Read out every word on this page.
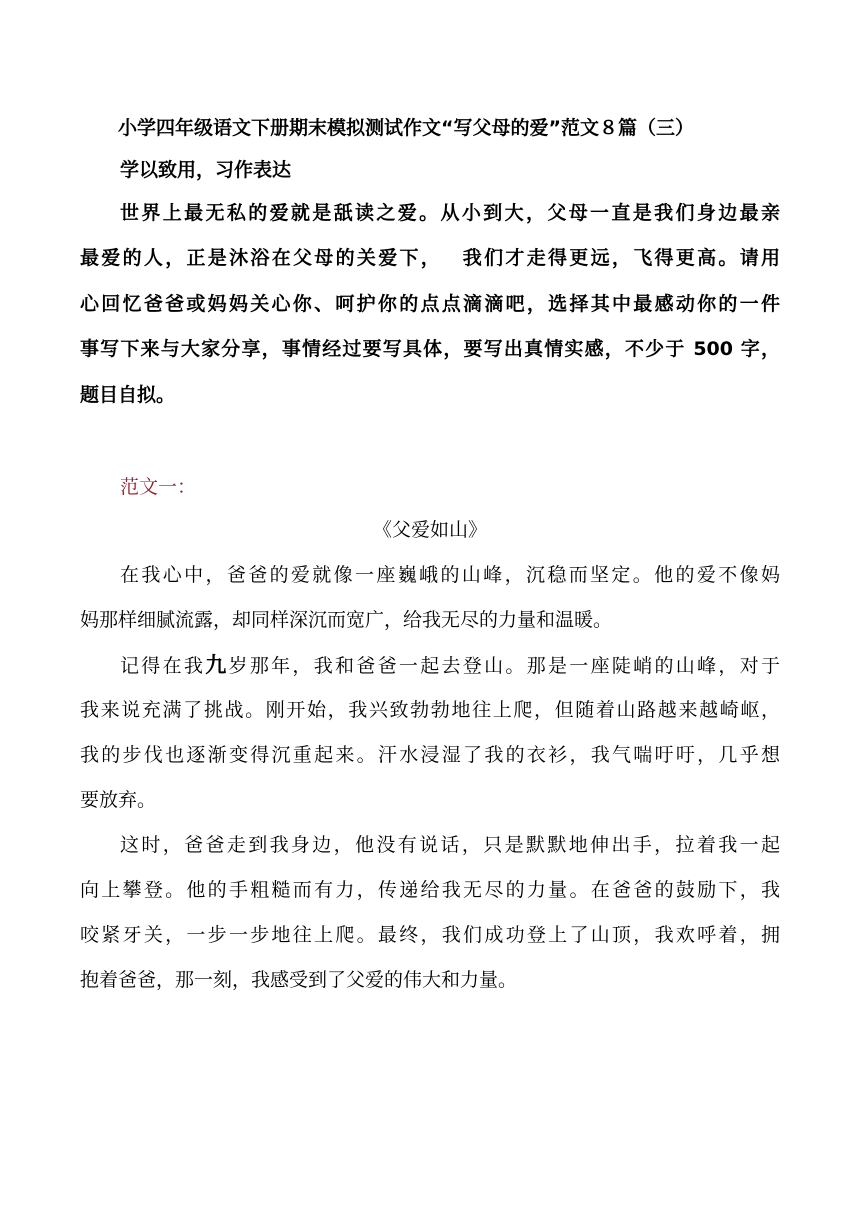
小学四年级语文下册期末模拟测试作文“写父母的爱”范文８篇（三）
学以致用，习作表达
世界上最无私的爱就是舐读之爱。从小到大，父母一直是我们身边最亲
最爱的人，正是沐浴在父母的关爱下，　 我们才走得更远，飞得更高。请用
心回忆爸爸或妈妈关心你、呵护你的点点滴滴吧，选择其中最感动你的一件
事写下来与大家分享，事情经过要写具体，要写出真情实感，不少于 500 字，
题目自拟。
范文一：
《父爱如山》
在我心中，爸爸的爱就像一座巍峨的山峰，沉稳而坚定。他的爱不像妈
妈那样细腻流露，却同样深沉而宽广，给我无尽的力量和温暖。
记得在我九岁那年，我和爸爸一起去登山。那是一座陡峭的山峰，对于
我来说充满了挑战。刚开始，我兴致勃勃地往上爬，但随着山路越来越崎岖，
我的步伐也逐渐变得沉重起来。汗水浸湿了我的衣衫，我气喘吁吁，几乎想
要放弃。
这时，爸爸走到我身边，他没有说话，只是默默地伸出手，拉着我一起
向上攀登。他的手粗糙而有力，传递给我无尽的力量。在爸爸的鼓励下，我
咬紧牙关，一步一步地往上爬。最终，我们成功登上了山顶，我欢呼着，拥
抱着爸爸，那一刻，我感受到了父爱的伟大和力量。
